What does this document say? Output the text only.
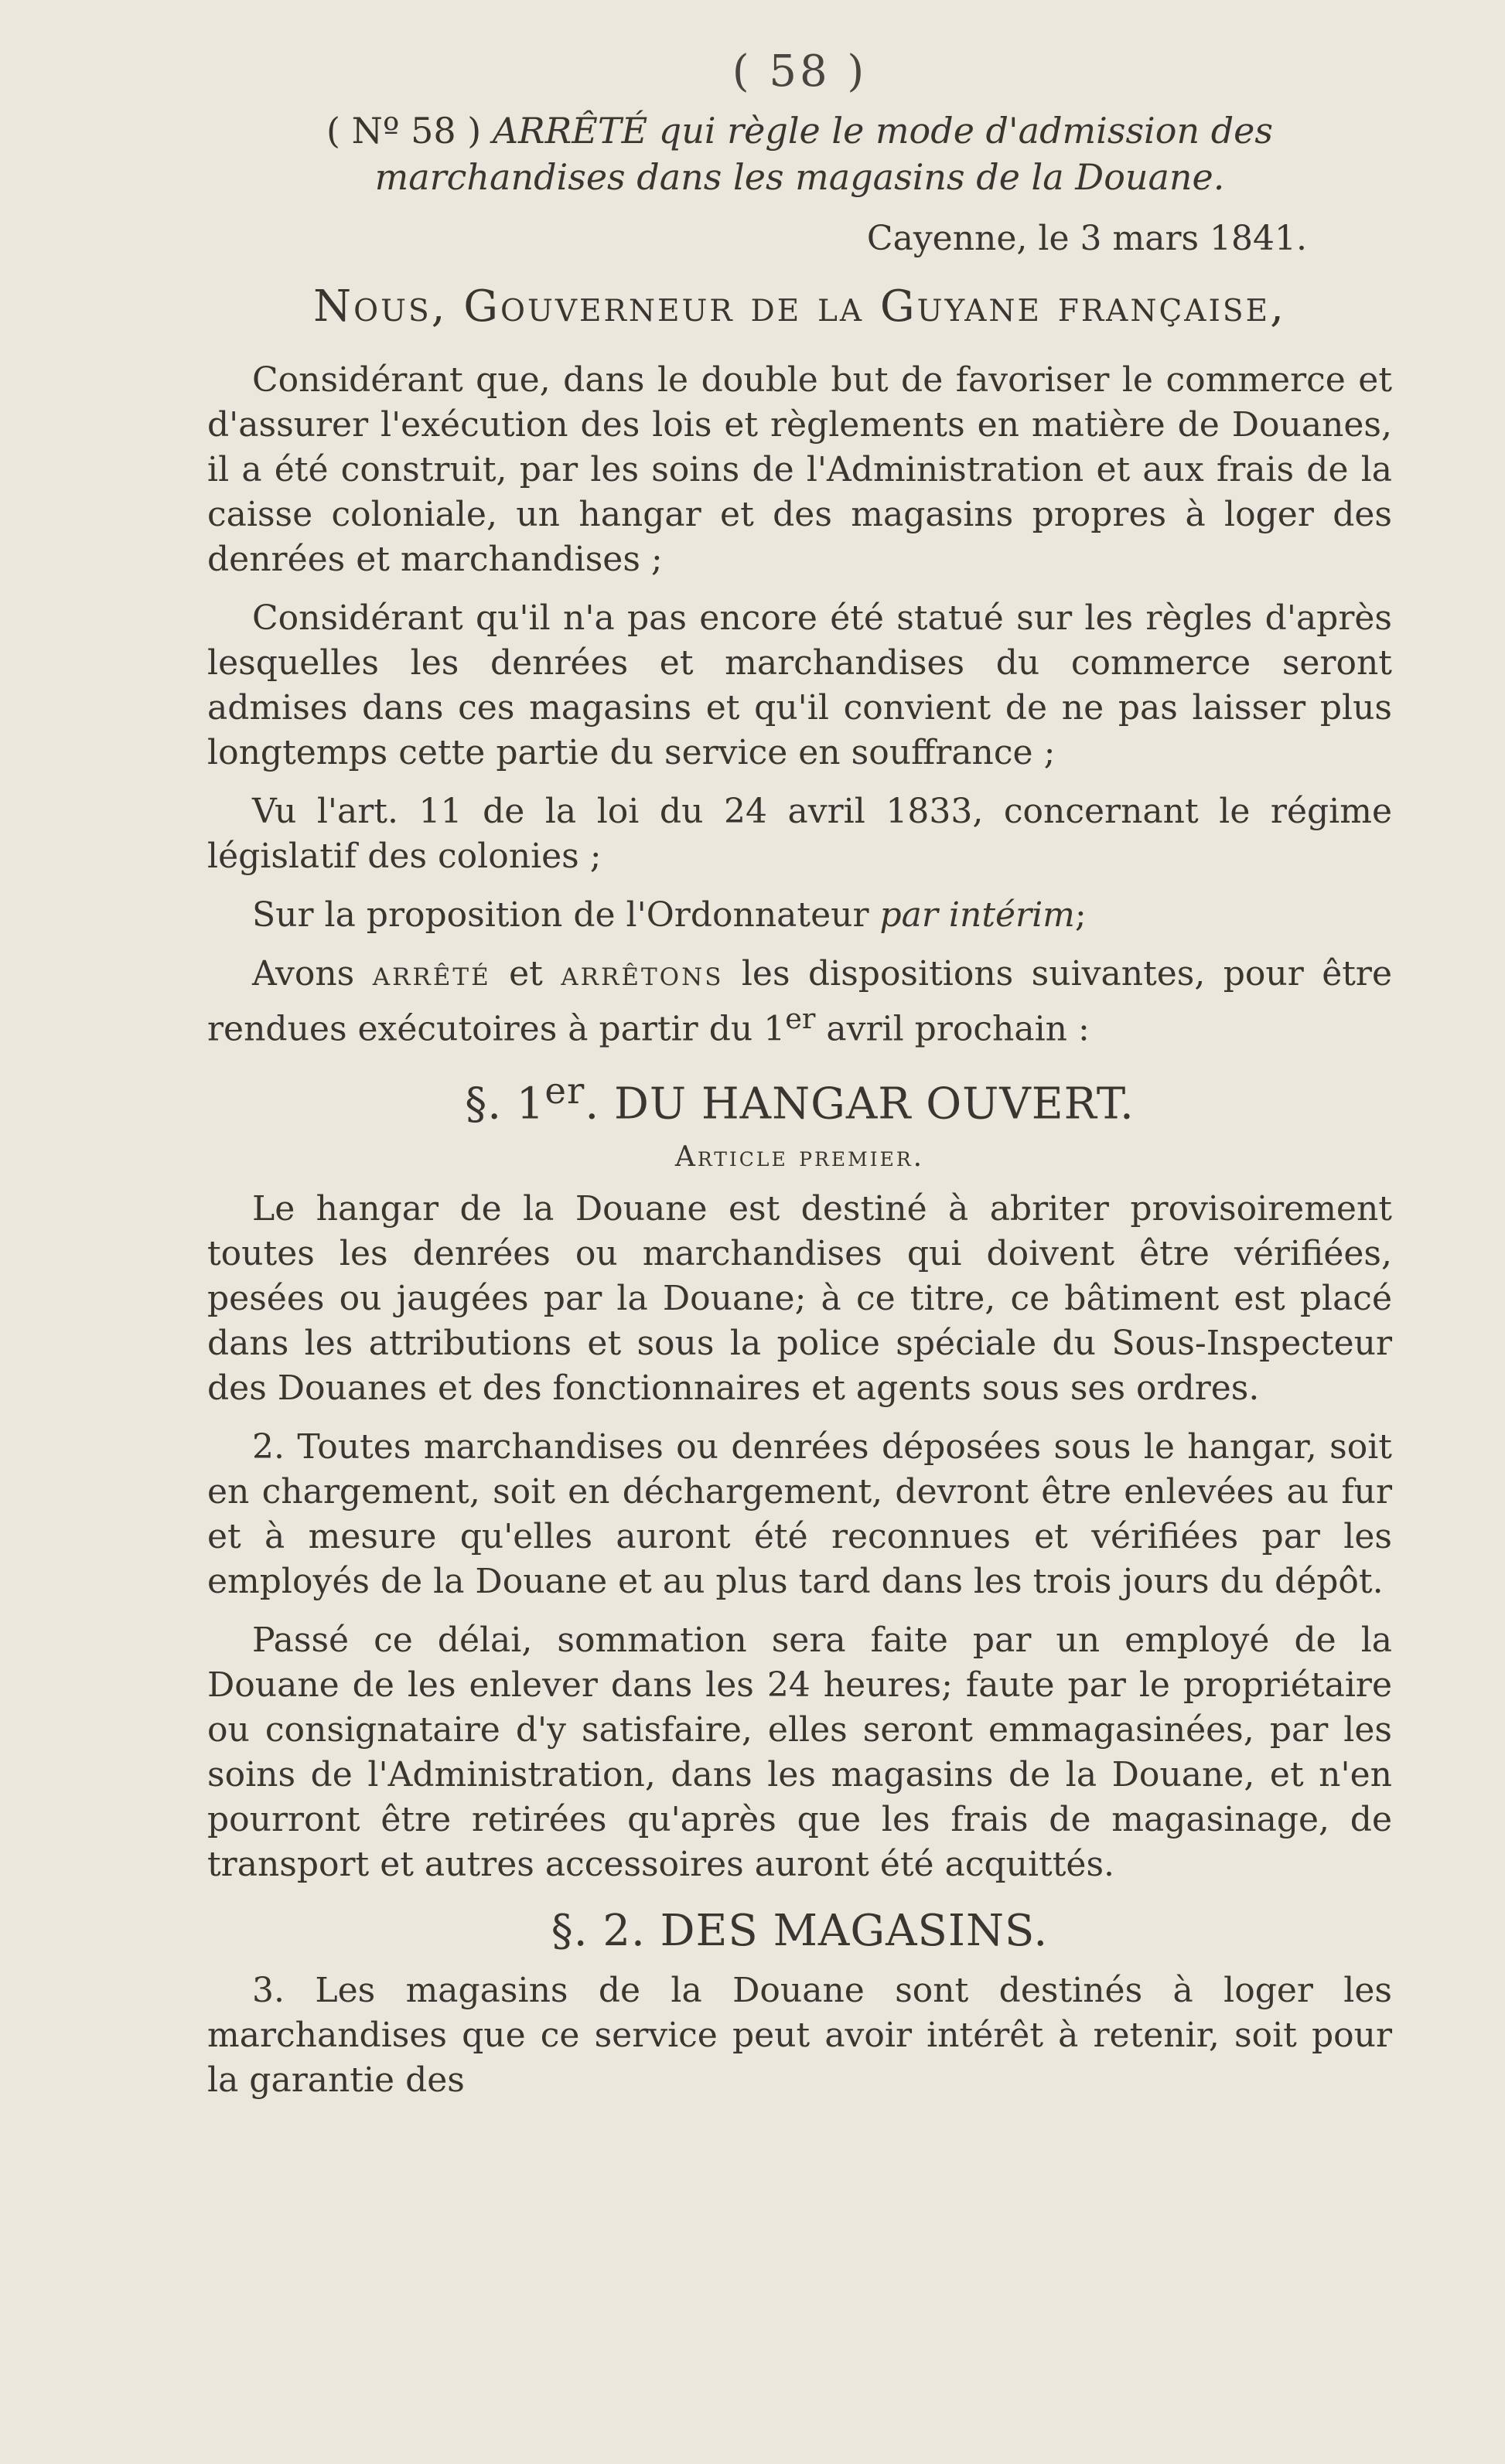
( 58 )
( Nº 58 ) ARRÊTÉ qui règle le mode d'admission des marchandises dans les magasins de la Douane.
Cayenne, le 3 mars 1841.
Nous, Gouverneur de la Guyane française,

Considérant que, dans le double but de favoriser le commerce et d'assurer l'exécution des lois et règlements en matière de Douanes, il a été construit, par les soins de l'Administration et aux frais de la caisse coloniale, un hangar et des magasins propres à loger des denrées et marchandises ;

Considérant qu'il n'a pas encore été statué sur les règles d'après lesquelles les denrées et marchandises du commerce seront admises dans ces magasins et qu'il convient de ne pas laisser plus longtemps cette partie du service en souffrance ;

Vu l'art. 11 de la loi du 24 avril 1833, concernant le régime législatif des colonies ;

Sur la proposition de l'Ordonnateur par intérim;

Avons arrêté et arrêtons les dispositions suivantes, pour être rendues exécutoires à partir du 1er avril prochain :

§. 1er. DU HANGAR OUVERT.
Article premier.

Le hangar de la Douane est destiné à abriter provisoirement toutes les denrées ou marchandises qui doivent être vérifiées, pesées ou jaugées par la Douane; à ce titre, ce bâtiment est placé dans les attributions et sous la police spéciale du Sous-Inspecteur des Douanes et des fonctionnaires et agents sous ses ordres.

2. Toutes marchandises ou denrées déposées sous le hangar, soit en chargement, soit en déchargement, devront être enlevées au fur et à mesure qu'elles auront été reconnues et vérifiées par les employés de la Douane et au plus tard dans les trois jours du dépôt.

Passé ce délai, sommation sera faite par un employé de la Douane de les enlever dans les 24 heures; faute par le propriétaire ou consignataire d'y satisfaire, elles seront emmagasinées, par les soins de l'Administration, dans les magasins de la Douane, et n'en pourront être retirées qu'après que les frais de magasinage, de transport et autres accessoires auront été acquittés.

§. 2. DES MAGASINS.

3. Les magasins de la Douane sont destinés à loger les marchandises que ce service peut avoir intérêt à retenir, soit pour la garantie des
